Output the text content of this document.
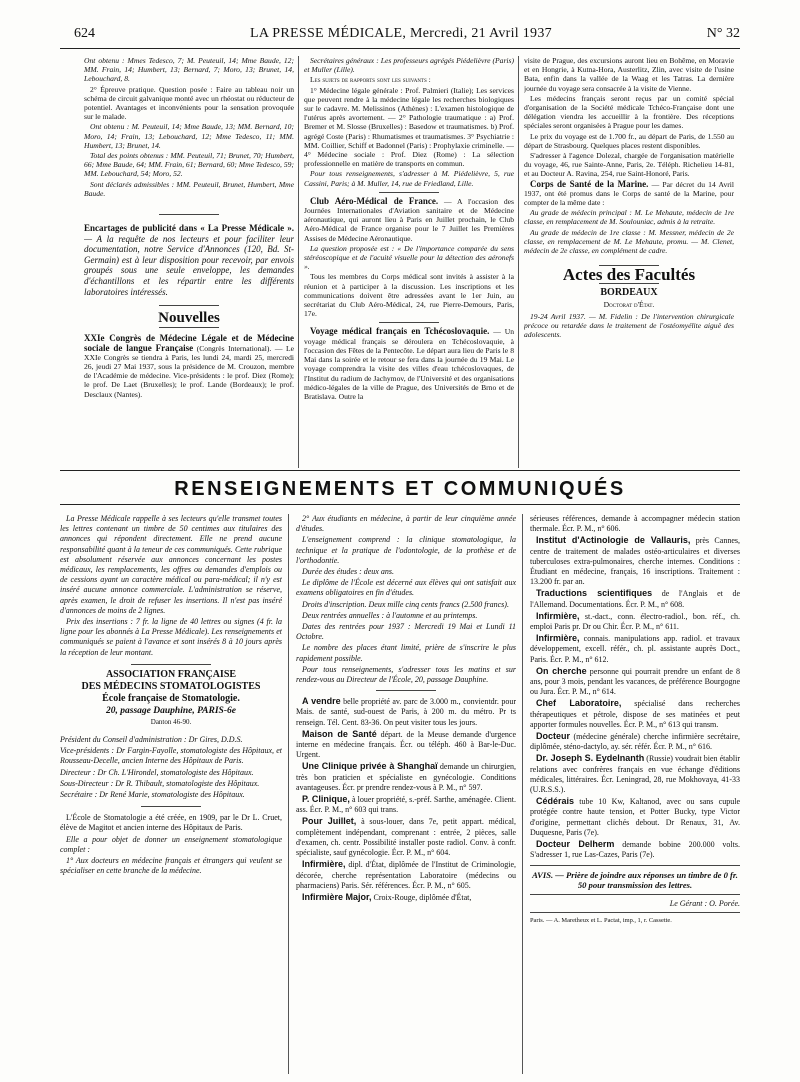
624	LA PRESSE MÉDICALE, Mercredi, 21 Avril 1937	N° 32

Ont obtenu : Mmes Tedesco, 7; M. Peuteuil, 14; Mme Baude, 12; MM. Frain, 14; Humbert, 13; Bernard, 7; Moro, 13; Brunet, 14, Lebouchard, 8.

2° Épreuve pratique. Question posée : Faire au tableau noir un schéma de circuit galvanique monté avec un rhéostat ou réducteur de potentiel. Avantages et inconvénients pour la sensation provoquée sur le malade.

Ont obtenu : M. Peuteuil, 14; Mme Baude, 13; MM. Bernard, 10; Moro, 14; Frain, 13; Lebouchard, 12; Mme Tedesco, 11; MM. Humbert, 13; Brunet, 14.

Total des points obtenus : MM. Peuteuil, 71; Brunet, 70; Humbert, 66; Mme Baude, 64; MM. Frain, 61; Bernard, 60; Mme Tedesco, 59; MM. Lebouchard, 54; Moro, 52.

Sont déclarés admissibles : MM. Peuteuil, Brunet, Humbert, Mme Baude.

Encartages de publicité dans « La Presse Médicale ». — A la requête de nos lecteurs et pour faciliter leur documentation, notre Service d'Annonces (120, Bd. St-Germain) est à leur disposition pour recevoir, par envois groupés sous une seule enveloppe, les demandes d'échantillons et les répartir entre les différents laboratoires intéressés.

Nouvelles

XXIe Congrès de Médecine Légale et de Médecine sociale de langue Française (Congrès International). — Le XXIe Congrès se tiendra à Paris, les lundi 24, mardi 25, mercredi 26, jeudi 27 Mai 1937, sous la présidence de M. Crouzon, membre de l'Académie de médecine. Vice-présidents : le prof. Diez (Rome); le prof. De Laet (Bruxelles); le prof. Lande (Bordeaux); le prof. Desclaux (Nantes).

Secrétaires généraux : Les professeurs agrégés Piédelièvre (Paris) et Muller (Lille).

Les sujets de rapports sont les suivants :

1° Médecine légale générale : Prof. Palmieri (Italie); Les services que peuvent rendre à la médecine légale les recherches biologiques sur le cadavre. M. Melissinos (Athènes) : L'examen histologique de l'utérus après avortement. — 2° Pathologie traumatique : a) Prof. Bremer et M. Slosse (Bruxelles) : Basedow et traumatismes. b) Prof. agrégé Coste (Paris) : Rhumatismes et traumatismes. 3° Psychiatrie : MM. Coillier, Schiff et Badonnel (Paris) : Prophylaxie criminelle. — 4° Médecine sociale : Prof. Diez (Rome) : La sélection professionnelle en matière de transports en commun.

Pour tous renseignements, s'adresser à M. Piédelièvre, 5, rue Cassini, Paris; à M. Muller, 14, rue de Friedland, Lille.

Club Aéro-Médical de France. — A l'occasion des Journées Internationales d'Aviation sanitaire et de Médecine aéronautique, qui auront lieu à Paris en Juillet prochain, le Club Aéro-Médical de France organise pour le 7 Juillet les Premières Assises de Médecine Aéronautique.

La question proposée est : « De l'importance comparée du sens stéréoscopique et de l'acuité visuelle pour la détection des aéronefs ».

Tous les membres du Corps médical sont invités à assister à la réunion et à participer à la discussion. Les inscriptions et les communications doivent être adressées avant le 1er Juin, au secrétariat du Club Aéro-Médical, 24, rue Pierre-Demours, Paris, 17e.

Voyage médical français en Tchécoslovaquie. — Un voyage médical français se déroulera en Tchécoslovaquie, à l'occasion des Fêtes de la Pentecôte. Le départ aura lieu de Paris le 8 Mai dans la soirée et le retour se fera dans la journée du 19 Mai. Le voyage comprendra la visite des villes d'eau tchécoslovaques, de l'Institut du radium de Jachymov, de l'Université et des organisations médico-légales de la ville de Prague, des Universités de Brno et de Bratislava. Outre la

visite de Prague, des excursions auront lieu en Bohême, en Moravie et en Hongrie, à Kutna-Hora, Austerlitz, Zlin, avec visite de l'usine Bata, enfin dans la vallée de la Waag et les Tatras. La dernière journée du voyage sera consacrée à la visite de Vienne.

Les médecins français seront reçus par un comité spécial d'organisation de la Société médicale Tchéco-Française dont une délégation viendra les accueillir à la frontière. Des réceptions spéciales seront organisées à Prague pour les dames.

Le prix du voyage est de 1.700 fr., au départ de Paris, de 1.550 au départ de Strasbourg. Quelques places restent disponibles.

S'adresser à l'agence Dolezal, chargée de l'organisation matérielle du voyage, 46, rue Sainte-Anne, Paris, 2e. Téléph. Richelieu 14-81, et au Docteur A. Ravina, 254, rue Saint-Honoré, Paris.

Corps de Santé de la Marine. — Par décret du 14 Avril 1937, ont été promus dans le Corps de santé de la Marine, pour compter de la même date :

Au grade de médecin principal : M. Le Mehaute, médecin de 1re classe, en remplacement de M. Soulouniac, admis à la retraite.

Au grade de médecin de 1re classe : M. Messner, médecin de 2e classe, en remplacement de M. Le Mehaute, promu. — M. Clenet, médecin de 2e classe, en complément de cadre.

Actes des Facultés
BORDEAUX
Doctorat d'État.

19-24 Avril 1937. — M. Fidelin : De l'intervention chirurgicale précoce ou retardée dans le traitement de l'ostéomyélite aiguë des adolescents.

RENSEIGNEMENTS ET COMMUNIQUÉS

La Presse Médicale rappelle à ses lecteurs qu'elle transmet toutes les lettres contenant un timbre de 50 centimes aux titulaires des annonces qui répondent directement. Elle ne prend aucune responsabilité quant à la teneur de ces communiqués. Cette rubrique est absolument réservée aux annonces concernant les postes médicaux, les remplacements, les offres ou demandes d'emplois ou de cessions ayant un caractère médical ou para-médical; il n'y est inséré aucune annonce commerciale. L'administration se réserve, après examen, le droit de refuser les insertions. Il n'est pas inséré d'annonces de moins de 2 lignes.

Prix des insertions : 7 fr. la ligne de 40 lettres ou signes (4 fr. la ligne pour les abonnés à La Presse Médicale). Les renseignements et communiqués se paient à l'avance et sont insérés 8 à 10 jours après la réception de leur montant.

ASSOCIATION FRANÇAISE
DES MÉDECINS STOMATOLOGISTES
École française de Stomatologie.
20, passage Dauphine, PARIS-6e
Danton 46-90.

Président du Conseil d'administration : Dr Gires, D.D.S.

Vice-présidents : Dr Fargin-Fayolle, stomatologiste des Hôpitaux, et Rousseau-Decelle, ancien Interne des Hôpitaux de Paris.

Directeur : Dr Ch. L'Hirondel, stomatologiste des Hôpitaux.

Sous-Directeur : Dr R. Thibault, stomatologiste des Hôpitaux.

Secrétaire : Dr René Marie, stomatologiste des Hôpitaux.

L'École de Stomatologie a été créée, en 1909, par le Dr L. Cruet, élève de Magitot et ancien interne des Hôpitaux de Paris.

Elle a pour objet de donner un enseignement stomatologique complet :

1° Aux docteurs en médecine français et étrangers qui veulent se spécialiser en cette branche de la médecine.

2° Aux étudiants en médecine, à partir de leur cinquième année d'études.

L'enseignement comprend : la clinique stomatologique, la technique et la pratique de l'odontologie, de la prothèse et de l'orthodontie.

Durée des études : deux ans.

Le diplôme de l'École est décerné aux élèves qui ont satisfait aux examens obligatoires en fin d'études.

Droits d'inscription. Deux mille cinq cents francs (2.500 francs).

Deux rentrées annuelles : à l'automne et au printemps.

Dates des rentrées pour 1937 : Mercredi 19 Mai et Lundi 11 Octobre.

Le nombre des places étant limité, prière de s'inscrire le plus rapidement possible.

Pour tous renseignements, s'adresser tous les matins et sur rendez-vous au Directeur de l'École, 20, passage Dauphine.

A vendre belle propriété av. parc de 3.000 m., convientdr. pour Mais. de santé, sud-ouest de Paris, à 200 m. du métro. Pr ts renseign. Tél. Cent. 83-36. On peut visiter tous les jours.

Maison de Santé départ. de la Meuse demande d'urgence interne en médecine français. Écr. ou téléph. 460 à Bar-le-Duc. Urgent.

Une Clinique privée à Shanghaï demande un chirurgien, très bon praticien et spécialiste en gynécologie. Conditions avantageuses. Écr. pr prendre rendez-vous à P. M., n° 597.

P. Clinique, à louer propriété, s.-préf. Sarthe, aménagée. Client. ass. Écr. P. M., n° 603 qui trans.

Pour Juillet, à sous-louer, dans 7e, petit appart. médical, complètement indépendant, comprenant : entrée, 2 pièces, salle d'examen, ch. centr. Possibilité installer poste radiol. Conv. à confr. spécialiste, sauf gynécologie. Écr. P. M., n° 604.

Infirmière, dipl. d'État, diplômée de l'Institut de Criminologie, décorée, cherche représentation Laboratoire (médecins ou pharmaciens) Paris. Sér. références. Écr. P. M., n° 605.

Infirmière Major, Croix-Rouge, diplômée d'État,

sérieuses références, demande à accompagner médecin station thermale. Écr. P. M., n° 606.

Institut d'Actinologie de Vallauris, près Cannes, centre de traitement de malades ostéo-articulaires et diverses tuberculoses extra-pulmonaires, cherche internes. Conditions : Étudiant en médecine, français, 16 inscriptions. Traitement : 13.200 fr. par an.

Traductions scientifiques de l'Anglais et de l'Allemand. Documentations. Écr. P. M., n° 608.

Infirmière, st.-dact., conn. électro-radiol., bon. réf., ch. emploi Paris pr. Dr ou Chir. Écr. P. M., n° 611.

Infirmière, connais. manipulations app. radiol. et travaux développement, excell. référ., ch. pl. assistante auprès Doct., Paris. Écr. P. M., n° 612.

On cherche personne qui pourrait prendre un enfant de 8 ans, pour 3 mois, pendant les vacances, de préférence Bourgogne ou Jura. Écr. P. M., n° 614.

Chef Laboratoire, spécialisé dans recherches thérapeutiques et pétrole, dispose de ses matinées et peut apporter formules nouvelles. Écr. P. M., n° 613 qui transm.

Docteur (médecine générale) cherche infirmière secrétaire, diplômée, sténo-dactylo, ay. sér. référ. Écr. P. M., n° 616.

Dr. Joseph S. Eydelnanth (Russie) voudrait bien établir relations avec confrères français en vue échange d'éditions médicales, littéraires. Écr. Leningrad, 28, rue Mokhovaya, 41-33 (U.R.S.S.).

Cédérais tube 10 Kw, Kaltanod, avec ou sans cupule protégée contre haute tension, et Potter Bucky, type Victor d'origine, permettant clichés debout. Dr Renaux, 31, Av. Duquesne, Paris (7e).

Docteur Delherm demande bobine 200.000 volts. S'adresser 1, rue Las-Cazes, Paris (7e).

AVIS. — Prière de joindre aux réponses un timbre de 0 fr. 50 pour transmission des lettres.

Le Gérant : O. Porée.

Paris. — A. Maretheux et L. Pactat, imp., 1, r. Cassette.
